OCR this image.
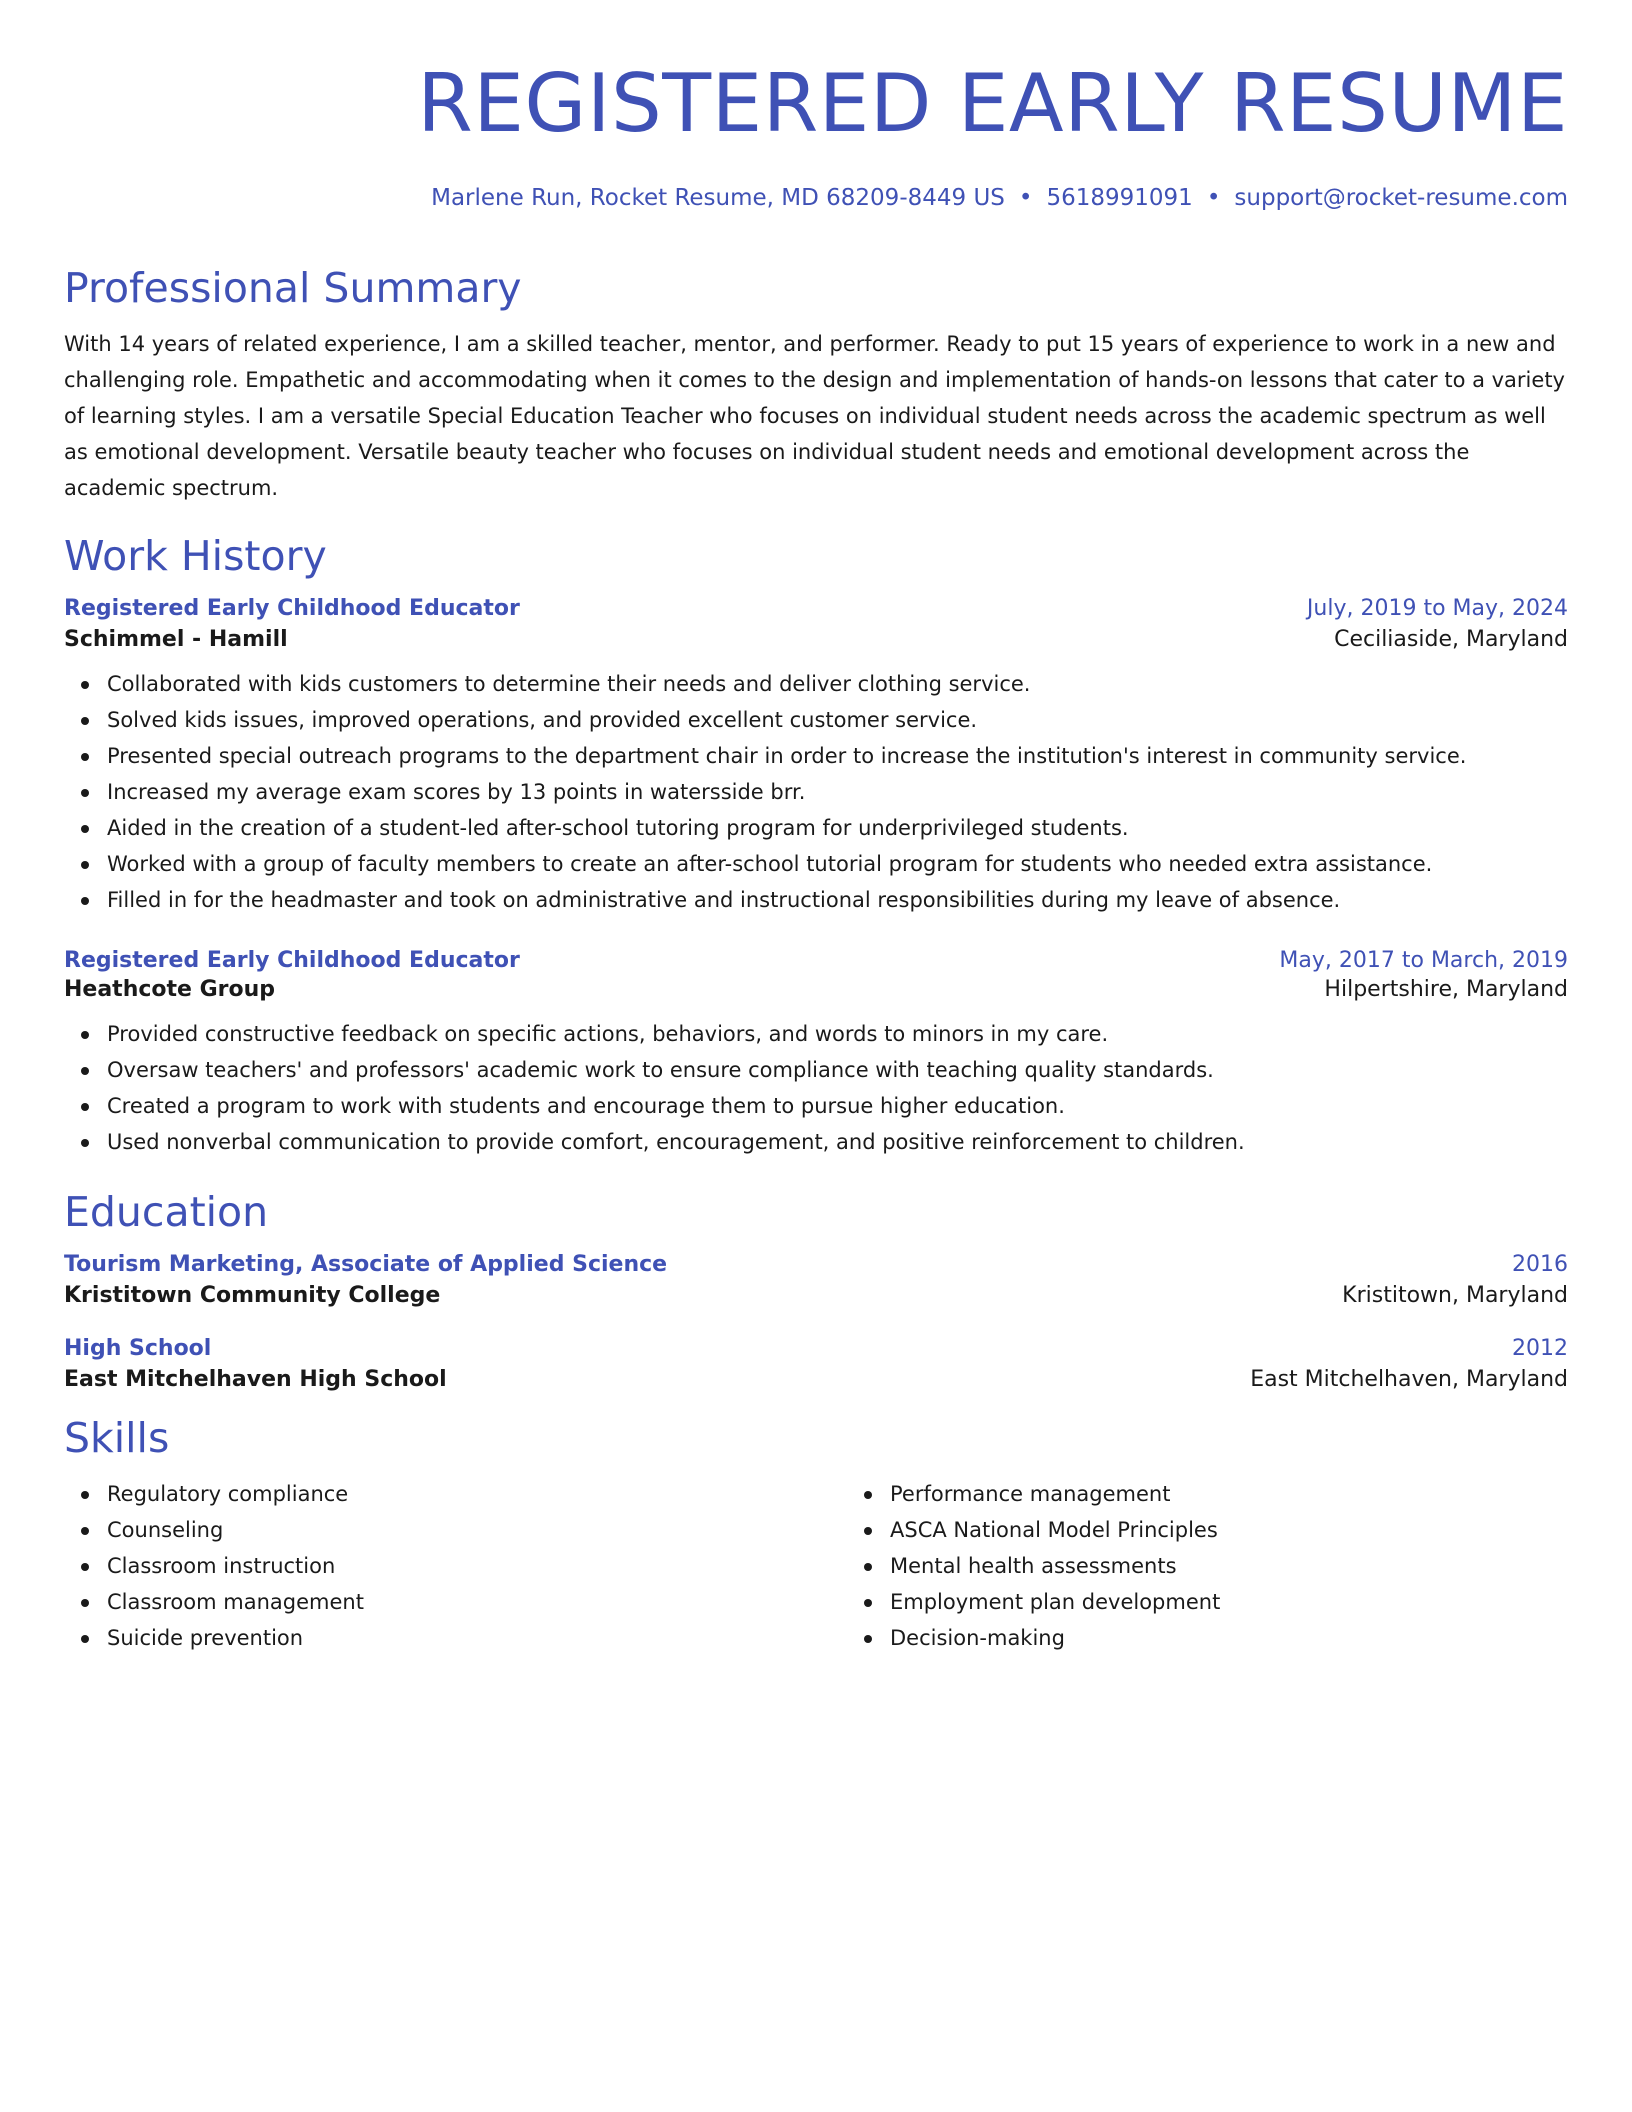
REGISTERED EARLY RESUME
Marlene Run, Rocket Resume, MD 68209-8449 US • 5618991091 • support@rocket-resume.com
Professional Summary

With 14 years of related experience, I am a skilled teacher, mentor, and performer. Ready to put 15 years of experience to work in a new and challenging role. Empathetic and accommodating when it comes to the design and implementation of hands-on lessons that cater to a variety of learning styles. I am a versatile Special Education Teacher who focuses on individual student needs across the academic spectrum as well as emotional development. Versatile beauty teacher who focuses on individual student needs and emotional development across the academic spectrum.

Work History
Registered Early Childhood Educator	July, 2019 to May, 2024
Schimmel - Hamill	Ceciliaside, Maryland
Collaborated with kids customers to determine their needs and deliver clothing service.
Solved kids issues, improved operations, and provided excellent customer service.
Presented special outreach programs to the department chair in order to increase the institution's interest in community service.
Increased my average exam scores by 13 points in watersside brr.
Aided in the creation of a student-led after-school tutoring program for underprivileged students.
Worked with a group of faculty members to create an after-school tutorial program for students who needed extra assistance.
Filled in for the headmaster and took on administrative and instructional responsibilities during my leave of absence.
Registered Early Childhood Educator	May, 2017 to March, 2019
Heathcote Group	Hilpertshire, Maryland
Provided constructive feedback on specific actions, behaviors, and words to minors in my care.
Oversaw teachers' and professors' academic work to ensure compliance with teaching quality standards.
Created a program to work with students and encourage them to pursue higher education.
Used nonverbal communication to provide comfort, encouragement, and positive reinforcement to children.
Education
Tourism Marketing, Associate of Applied Science	2016
Kristitown Community College	Kristitown, Maryland
High School	2012
East Mitchelhaven High School	East Mitchelhaven, Maryland
Skills
Regulatory compliance
Counseling
Classroom instruction
Classroom management
Suicide prevention
Performance management
ASCA National Model Principles
Mental health assessments
Employment plan development
Decision-making
